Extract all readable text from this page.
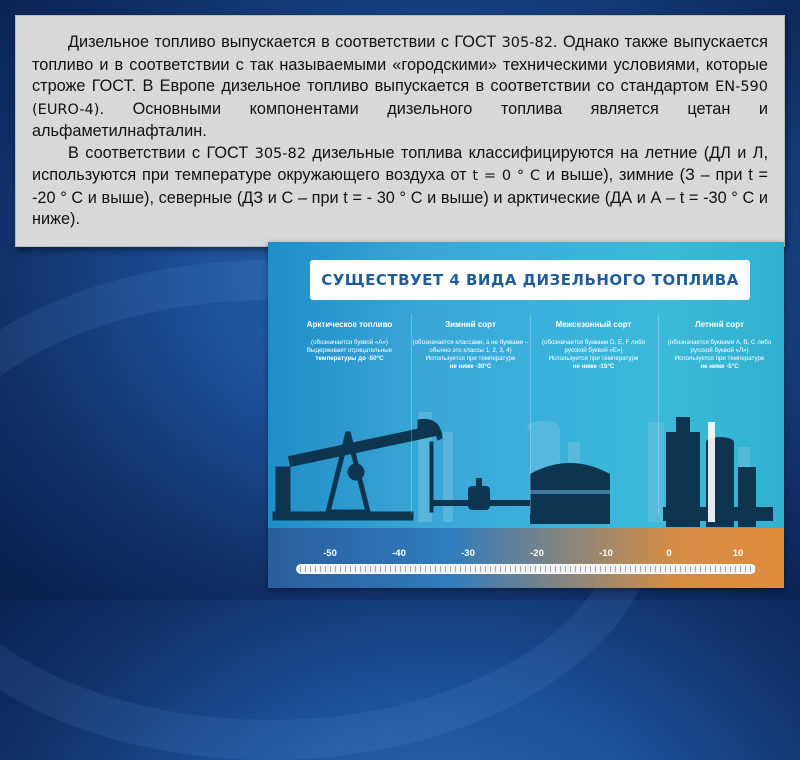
Дизельное топливо выпускается в соответствии с ГОСТ 305-82. Однако также выпускается топливо и в соответствии с так называемыми «городскими» техническими условиями, которые строже ГОСТ. В Европе дизельное топливо выпускается в соответствии со стандартом EN-590 (EURO-4). Основными компонентами дизельного топлива является цетан и альфаметилнафталин.

В соответствии с ГОСТ 305-82 дизельные топлива классифицируются на летние (ДЛ и Л, используются при температуре окружающего воздуха от t = 0 ° С и выше), зимние (З – при t = -20 ° С и выше), северные (ДЗ и С – при t = - 30 ° С и выше) и арктические (ДА и А – t = -30 ° С и ниже).

СУЩЕСТВУЕТ 4 ВИДА ДИЗЕЛЬНОГО ТОПЛИВА
Арктическое топливо
(обозначается буквой «А»)
Выдерживает отрицательные
температуры до -50°С
Зимний сорт
(обозначается классами, а не буквами – обычно это классы 1, 2, 3, 4)
Используется при температуре
не ниже -30°С
Межсезонный сорт
(обозначается буквами D, E, F либо русской буквой «Е»)
Используется при температуре
не ниже -15°С
Летний сорт
(обозначается буквами A, B, C либо русской буквой «Л»)
Используется при температуре
не ниже -5°С
-50	-40	-30	-20	-10	0	10
